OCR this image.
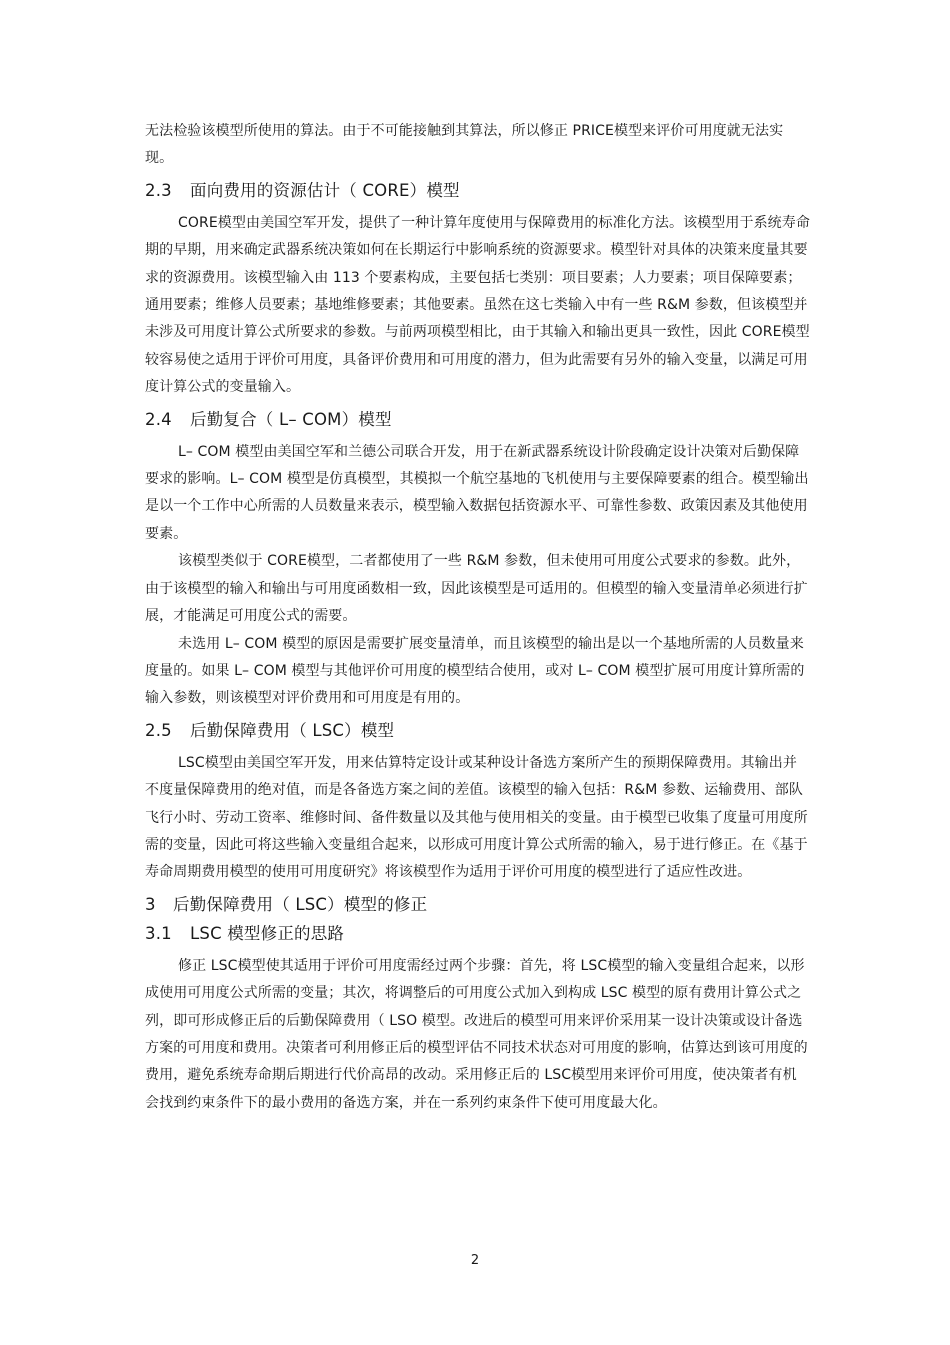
无法检验该模型所使用的算法。由于不可能接触到其算法，所以修正 PRICE模型来评价可用度就无法实现。

2.3 面向费用的资源估计（ CORE）模型

CORE模型由美国空军开发，提供了一种计算年度使用与保障费用的标准化方法。该模型用于系统寿命期的早期，用来确定武器系统决策如何在长期运行中影响系统的资源要求。模型针对具体的决策来度量其要求的资源费用。该模型输入由 113 个要素构成，主要包括七类别：项目要素；人力要素；项目保障要素；通用要素；维修人员要素；基地维修要素；其他要素。虽然在这七类输入中有一些 R&M 参数，但该模型并未涉及可用度计算公式所要求的参数。与前两项模型相比，由于其输入和输出更具一致性，因此 CORE模型较容易使之适用于评价可用度，具备评价费用和可用度的潜力，但为此需要有另外的输入变量，以满足可用度计算公式的变量输入。

2.4 后勤复合（ L– COM）模型

L– COM 模型由美国空军和兰德公司联合开发，用于在新武器系统设计阶段确定设计决策对后勤保障要求的影响。L– COM 模型是仿真模型，其模拟一个航空基地的飞机使用与主要保障要素的组合。模型输出是以一个工作中心所需的人员数量来表示，模型输入数据包括资源水平、可靠性参数、政策因素及其他使用要素。

该模型类似于 CORE模型，二者都使用了一些 R&M 参数，但未使用可用度公式要求的参数。此外，由于该模型的输入和输出与可用度函数相一致，因此该模型是可适用的。但模型的输入变量清单必须进行扩展，才能满足可用度公式的需要。

未选用 L– COM 模型的原因是需要扩展变量清单，而且该模型的输出是以一个基地所需的人员数量来度量的。如果 L– COM 模型与其他评价可用度的模型结合使用，或对 L– COM 模型扩展可用度计算所需的输入参数，则该模型对评价费用和可用度是有用的。

2.5 后勤保障费用（ LSC）模型

LSC模型由美国空军开发，用来估算特定设计或某种设计备选方案所产生的预期保障费用。其输出并不度量保障费用的绝对值，而是各备选方案之间的差值。该模型的输入包括：R&M 参数、运输费用、部队飞行小时、劳动工资率、维修时间、备件数量以及其他与使用相关的变量。由于模型已收集了度量可用度所需的变量，因此可将这些输入变量组合起来，以形成可用度计算公式所需的输入，易于进行修正。在《基于寿命周期费用模型的使用可用度研究》将该模型作为适用于评价可用度的模型进行了适应性改进。

3 后勤保障费用（ LSC）模型的修正
3.1 LSC 模型修正的思路

修正 LSC模型使其适用于评价可用度需经过两个步骤：首先，将 LSC模型的输入变量组合起来，以形成使用可用度公式所需的变量；其次，将调整后的可用度公式加入到构成 LSC 模型的原有费用计算公式之列，即可形成修正后的后勤保障费用（ LSO 模型。改进后的模型可用来评价采用某一设计决策或设计备选方案的可用度和费用。决策者可利用修正后的模型评估不同技术状态对可用度的影响，估算达到该可用度的费用，避免系统寿命期后期进行代价高昂的改动。采用修正后的 LSC模型用来评价可用度，使决策者有机会找到约束条件下的最小费用的备选方案，并在一系列约束条件下使可用度最大化。

2
